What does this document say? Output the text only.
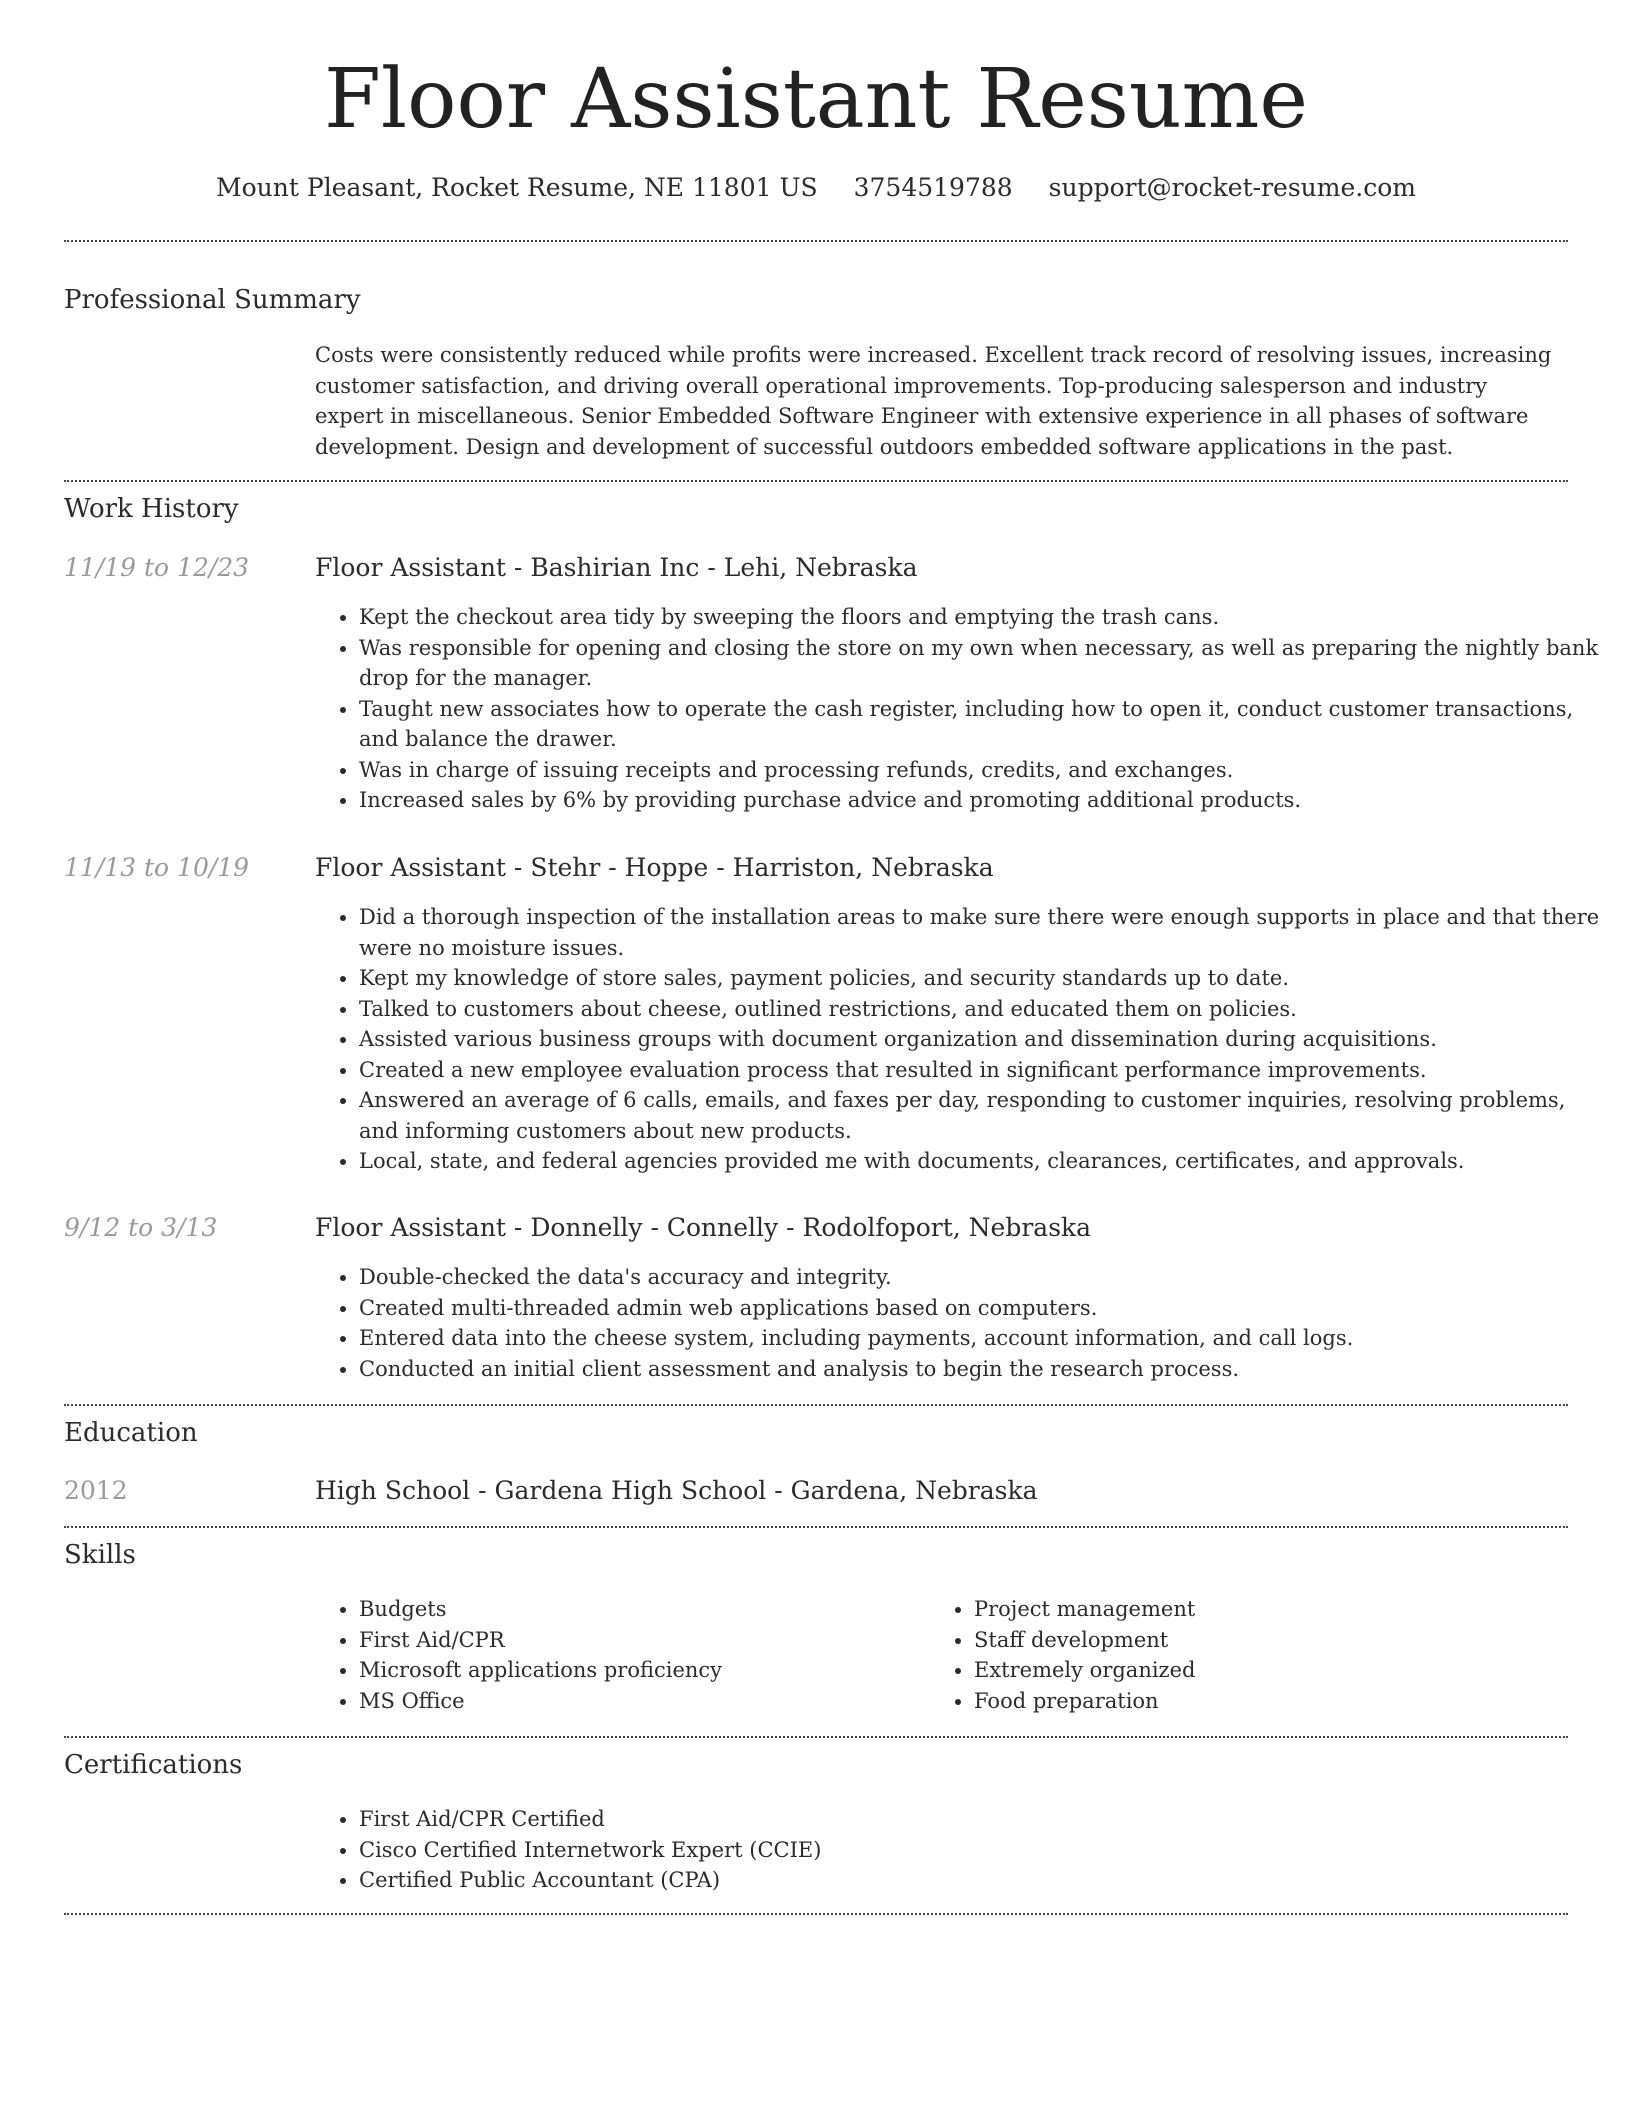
Floor Assistant Resume
Mount Pleasant, Rocket Resume, NE 11801 US 3754519788 support@rocket-resume.com
Professional Summary
Costs were consistently reduced while profits were increased. Excellent track record of resolving issues, increasing customer satisfaction, and driving overall operational improvements. Top-producing salesperson and industry expert in miscellaneous. Senior Embedded Software Engineer with extensive experience in all phases of software development. Design and development of successful outdoors embedded software applications in the past.
Work History
11/19 to 12/23	Floor Assistant - Bashirian Inc - Lehi, Nebraska
• Kept the checkout area tidy by sweeping the floors and emptying the trash cans.
• Was responsible for opening and closing the store on my own when necessary, as well as preparing the nightly bank drop for the manager.
• Taught new associates how to operate the cash register, including how to open it, conduct customer transactions, and balance the drawer.
• Was in charge of issuing receipts and processing refunds, credits, and exchanges.
• Increased sales by 6% by providing purchase advice and promoting additional products.
11/13 to 10/19	Floor Assistant - Stehr - Hoppe - Harriston, Nebraska
• Did a thorough inspection of the installation areas to make sure there were enough supports in place and that there were no moisture issues.
• Kept my knowledge of store sales, payment policies, and security standards up to date.
• Talked to customers about cheese, outlined restrictions, and educated them on policies.
• Assisted various business groups with document organization and dissemination during acquisitions.
• Created a new employee evaluation process that resulted in significant performance improvements.
• Answered an average of 6 calls, emails, and faxes per day, responding to customer inquiries, resolving problems, and informing customers about new products.
• Local, state, and federal agencies provided me with documents, clearances, certificates, and approvals.
9/12 to 3/13	Floor Assistant - Donnelly - Connelly - Rodolfoport, Nebraska
• Double-checked the data's accuracy and integrity.
• Created multi-threaded admin web applications based on computers.
• Entered data into the cheese system, including payments, account information, and call logs.
• Conducted an initial client assessment and analysis to begin the research process.
Education
2012	High School - Gardena High School - Gardena, Nebraska
Skills
• Budgets
• First Aid/CPR
• Microsoft applications proficiency
• MS Office
• Project management
• Staff development
• Extremely organized
• Food preparation
Certifications
• First Aid/CPR Certified
• Cisco Certified Internetwork Expert (CCIE)
• Certified Public Accountant (CPA)
